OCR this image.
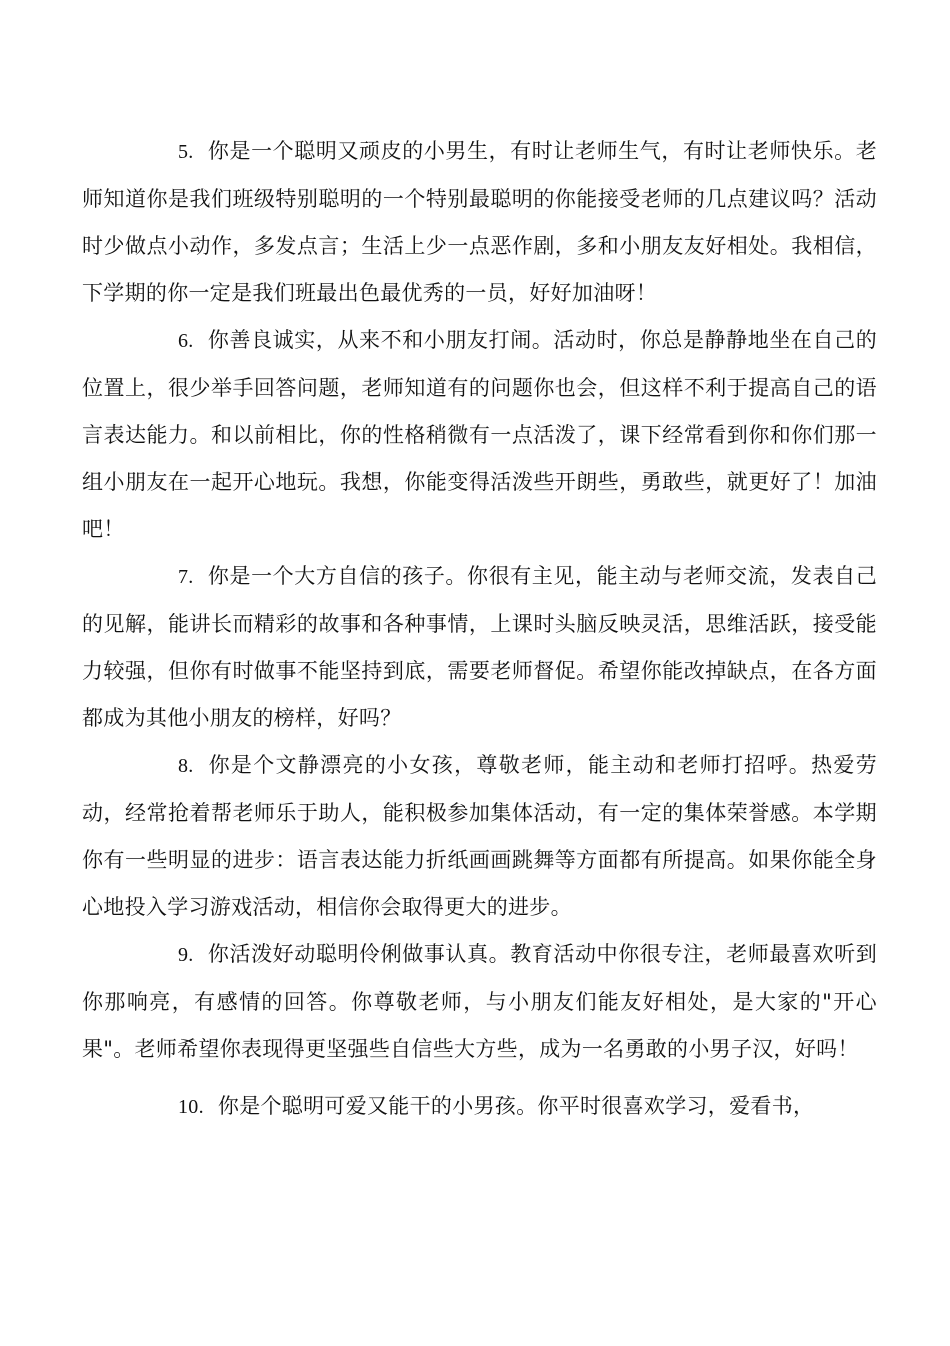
5. 你是一个聪明又顽皮的小男生，有时让老师生气，有时让老师快乐。老师知道你是我们班级特别聪明的一个特别最聪明的你能接受老师的几点建议吗？活动时少做点小动作，多发点言；生活上少一点恶作剧，多和小朋友友好相处。我相信，下学期的你一定是我们班最出色最优秀的一员，好好加油呀！

6. 你善良诚实，从来不和小朋友打闹。活动时，你总是静静地坐在自己的位置上，很少举手回答问题，老师知道有的问题你也会，但这样不利于提高自己的语言表达能力。和以前相比，你的性格稍微有一点活泼了，课下经常看到你和你们那一组小朋友在一起开心地玩。我想，你能变得活泼些开朗些，勇敢些，就更好了！加油吧！

7. 你是一个大方自信的孩子。你很有主见，能主动与老师交流，发表自己的见解，能讲长而精彩的故事和各种事情，上课时头脑反映灵活，思维活跃，接受能力较强，但你有时做事不能坚持到底，需要老师督促。希望你能改掉缺点，在各方面都成为其他小朋友的榜样，好吗？

8. 你是个文静漂亮的小女孩，尊敬老师，能主动和老师打招呼。热爱劳动，经常抢着帮老师乐于助人，能积极参加集体活动，有一定的集体荣誉感。本学期你有一些明显的进步：语言表达能力折纸画画跳舞等方面都有所提高。如果你能全身心地投入学习游戏活动，相信你会取得更大的进步。

9. 你活泼好动聪明伶俐做事认真。教育活动中你很专注，老师最喜欢听到你那响亮，有感情的回答。你尊敬老师，与小朋友们能友好相处，是大家的"开心果"。老师希望你表现得更坚强些自信些大方些，成为一名勇敢的小男子汉，好吗！

10. 你是个聪明可爱又能干的小男孩。你平时很喜欢学习，爱看书，
